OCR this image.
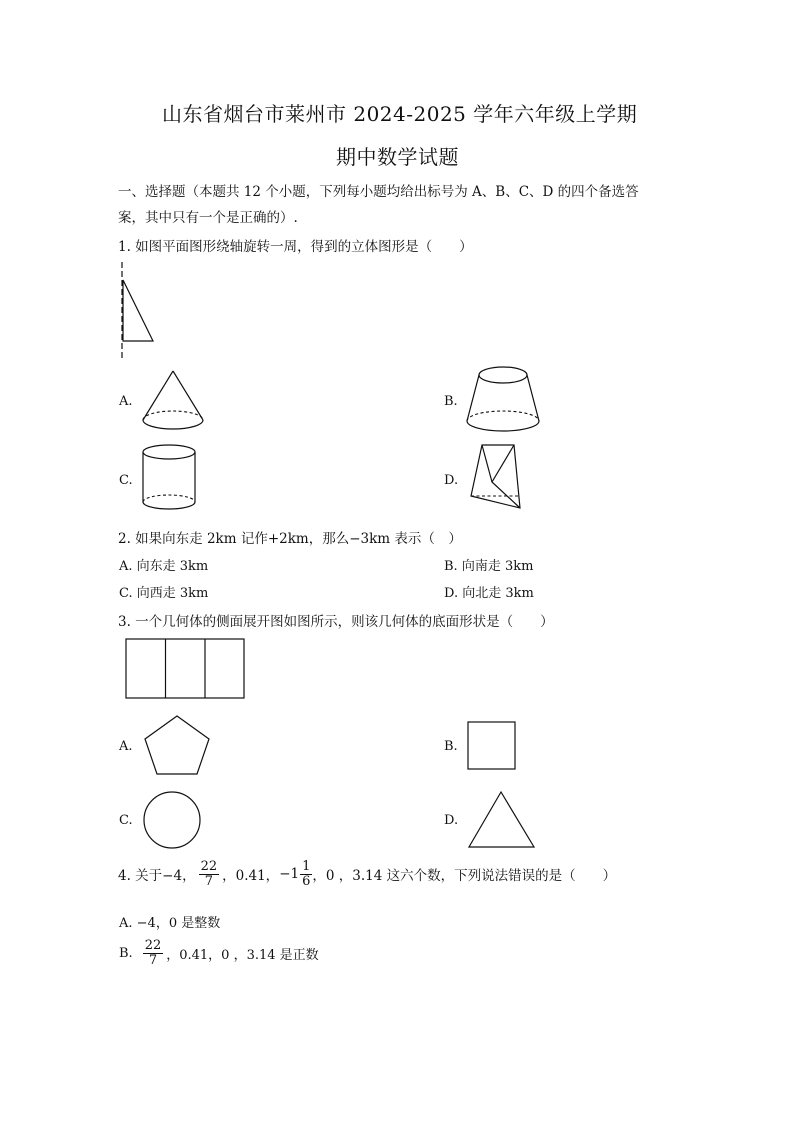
山东省烟台市莱州市 2024-2025 学年六年级上学期
期中数学试题
一、选择题（本题共 12 个小题，下列每小题均给出标号为 A、B、C、D 的四个备选答
案，其中只有一个是正确的）.
1. 如图平面图形绕轴旋转一周，得到的立体图形是（　　）
A.	B.
C.	D.
2. 如果向东走 2km 记作+2km，那么−3km 表示（　）
A. 向东走 3km	B. 向南走 3km
C. 向西走 3km	D. 向北走 3km
3. 一个几何体的侧面展开图如图所示，则该几何体的底面形状是（　　）
A.	B.
C.	D.
4. 关于−4， $\frac{22}{7}$ ，0.41， $-1 \frac{1}{6}$ ，0 ，3.14 这六个数，下列说法错误的是（　　）
A. −4，0 是整数
B. $\frac{22}{7}$ ，0.41，0 ，3.14 是正数
